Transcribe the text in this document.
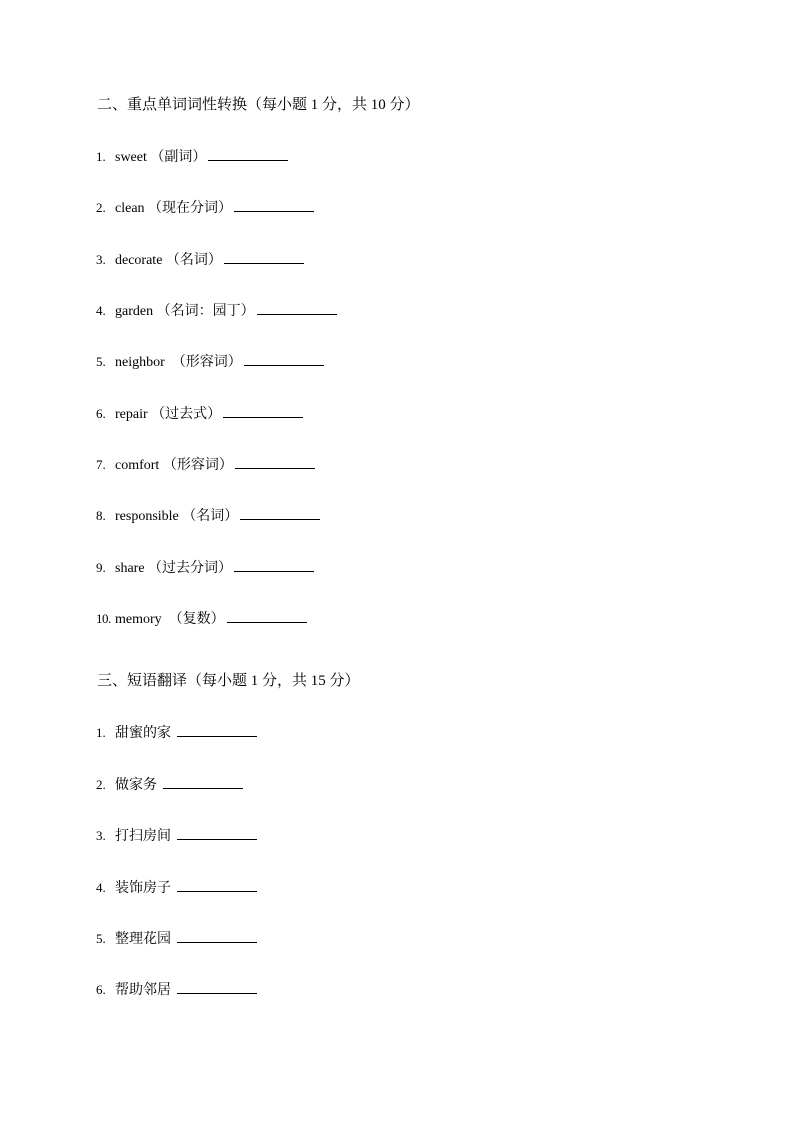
二、重点单词词性转换（每小题 1 分，共 10 分）
1. sweet （副词）
2. clean （现在分词）
3. decorate （名词）
4. garden （名词：园丁）
5. neighbor （形容词）
6. repair （过去式）
7. comfort （形容词）
8. responsible （名词）
9. share （过去分词）
10. memory （复数）
三、短语翻译（每小题 1 分，共 15 分）
1. 甜蜜的家
2. 做家务
3. 打扫房间
4. 装饰房子
5. 整理花园
6. 帮助邻居
